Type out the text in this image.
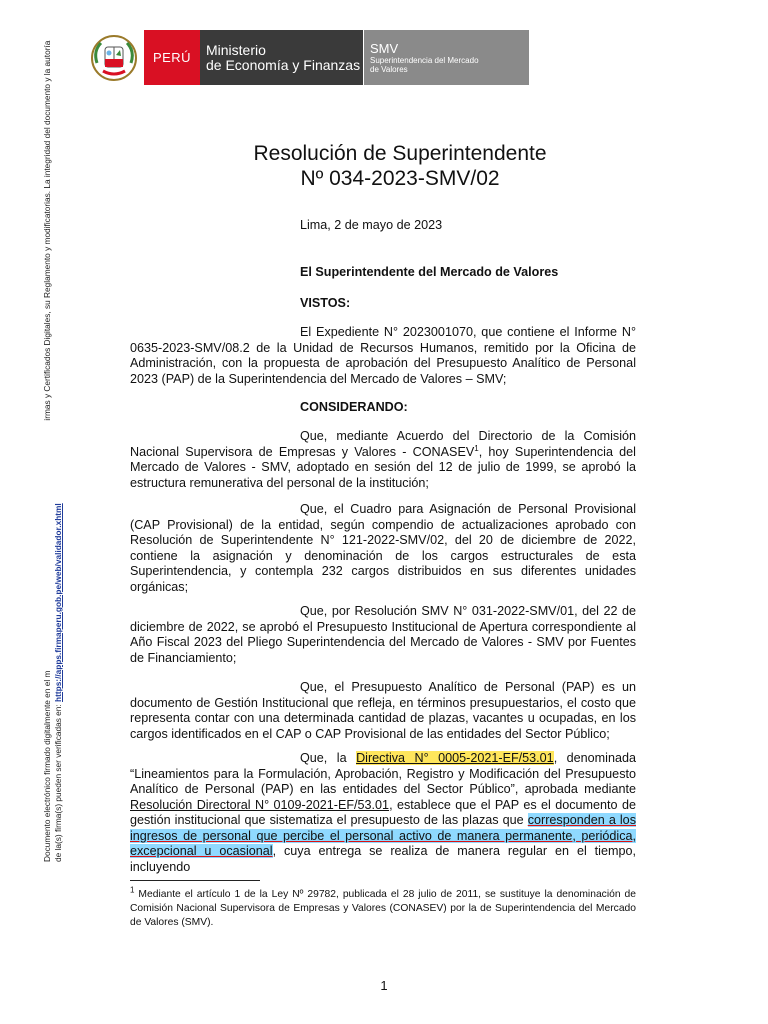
PERÚ	Ministerio
de Economía y Finanzas
SMV
Superintendencia del Mercado
de Valores
Documento electrónico firmado digitalmente en el mirmas y Certificados Digitales, su Reglamento y modificatorias. La integridad del documento y la autoría
de la(s) firma(s) pueden ser verificadas en: https://apps.firmaperu.gob.pe/web/validador.xhtml
Resolución de Superintendente
Nº 034-2023-SMV/02
Lima, 2 de mayo de 2023
El Superintendente del Mercado de Valores
VISTOS:
El Expediente N° 2023001070, que contiene el Informe N° 0635-2023-SMV/08.2 de la Unidad de Recursos Humanos, remitido por la Oficina de Administración, con la propuesta de aprobación del Presupuesto Analítico de Personal 2023 (PAP) de la Superintendencia del Mercado de Valores – SMV;
CONSIDERANDO:
Que, mediante Acuerdo del Directorio de la Comisión Nacional Supervisora de Empresas y Valores - CONASEV$^1$, hoy Superintendencia del Mercado de Valores - SMV, adoptado en sesión del 12 de julio de 1999, se aprobó la estructura remunerativa del personal de la institución;
Que, el Cuadro para Asignación de Personal Provisional (CAP Provisional) de la entidad, según compendio de actualizaciones aprobado con Resolución de Superintendente N° 121-2022-SMV/02, del 20 de diciembre de 2022, contiene la asignación y denominación de los cargos estructurales de esta Superintendencia, y contempla 232 cargos distribuidos en sus diferentes unidades orgánicas;
Que, por Resolución SMV N° 031-2022-SMV/01, del 22 de diciembre de 2022, se aprobó el Presupuesto Institucional de Apertura correspondiente al Año Fiscal 2023 del Pliego Superintendencia del Mercado de Valores - SMV por Fuentes de Financiamiento;
Que, el Presupuesto Analítico de Personal (PAP) es un documento de Gestión Institucional que refleja, en términos presupuestarios, el costo que representa contar con una determinada cantidad de plazas, vacantes u ocupadas, en los cargos identificados en el CAP o CAP Provisional de las entidades del Sector Público;
Que, la Directiva N° 0005-2021-EF/53.01, denominada “Lineamientos para la Formulación, Aprobación, Registro y Modificación del Presupuesto Analítico de Personal (PAP) en las entidades del Sector Público”, aprobada mediante Resolución Directoral N° 0109-2021-EF/53.01, establece que el PAP es el documento de gestión institucional que sistematiza el presupuesto de las plazas que corresponden a los ingresos de personal que percibe el personal activo de manera permanente, periódica, excepcional u ocasional, cuya entrega se realiza de manera regular en el tiempo, incluyendo
$^1$ Mediante el artículo 1 de la Ley Nº 29782, publicada el 28 julio de 2011, se sustituye la denominación de Comisión Nacional Supervisora de Empresas y Valores (CONASEV) por la de Superintendencia del Mercado de Valores (SMV).
1
